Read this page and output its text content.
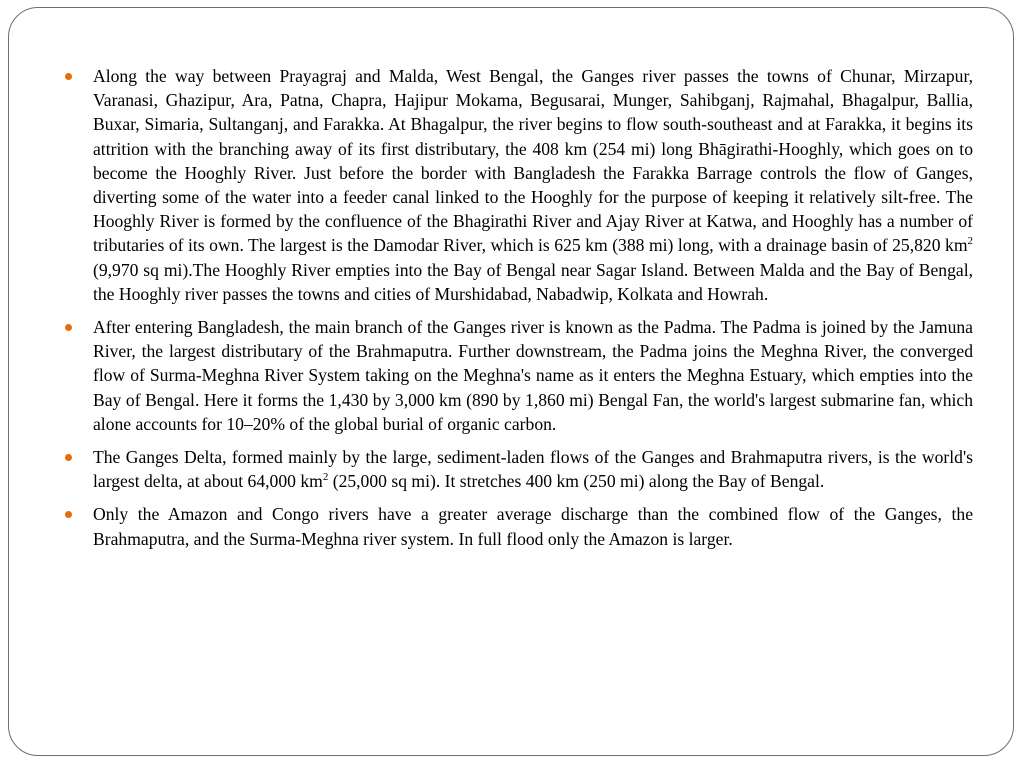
Along the way between Prayagraj and Malda, West Bengal, the Ganges river passes the towns of Chunar, Mirzapur, Varanasi, Ghazipur, Ara, Patna, Chapra, Hajipur Mokama, Begusarai, Munger, Sahibganj, Rajmahal, Bhagalpur, Ballia, Buxar, Simaria, Sultanganj, and Farakka. At Bhagalpur, the river begins to flow south-southeast and at Farakka, it begins its attrition with the branching away of its first distributary, the 408 km (254 mi) long Bhāgirathi-Hooghly, which goes on to become the Hooghly River. Just before the border with Bangladesh the Farakka Barrage controls the flow of Ganges, diverting some of the water into a feeder canal linked to the Hooghly for the purpose of keeping it relatively silt-free. The Hooghly River is formed by the confluence of the Bhagirathi River and Ajay River at Katwa, and Hooghly has a number of tributaries of its own. The largest is the Damodar River, which is 625 km (388 mi) long, with a drainage basin of 25,820 $km^2$ (9,970 sq mi).The Hooghly River empties into the Bay of Bengal near Sagar Island. Between Malda and the Bay of Bengal, the Hooghly river passes the towns and cities of Murshidabad, Nabadwip, Kolkata and Howrah.
After entering Bangladesh, the main branch of the Ganges river is known as the Padma. The Padma is joined by the Jamuna River, the largest distributary of the Brahmaputra. Further downstream, the Padma joins the Meghna River, the converged flow of Surma-Meghna River System taking on the Meghna's name as it enters the Meghna Estuary, which empties into the Bay of Bengal. Here it forms the 1,430 by 3,000 km (890 by 1,860 mi) Bengal Fan, the world's largest submarine fan, which alone accounts for 10–20% of the global burial of organic carbon.
The Ganges Delta, formed mainly by the large, sediment-laden flows of the Ganges and Brahmaputra rivers, is the world's largest delta, at about 64,000 $km^2$ (25,000 sq mi). It stretches 400 km (250 mi) along the Bay of Bengal.
Only the Amazon and Congo rivers have a greater average discharge than the combined flow of the Ganges, the Brahmaputra, and the Surma-Meghna river system. In full flood only the Amazon is larger.
